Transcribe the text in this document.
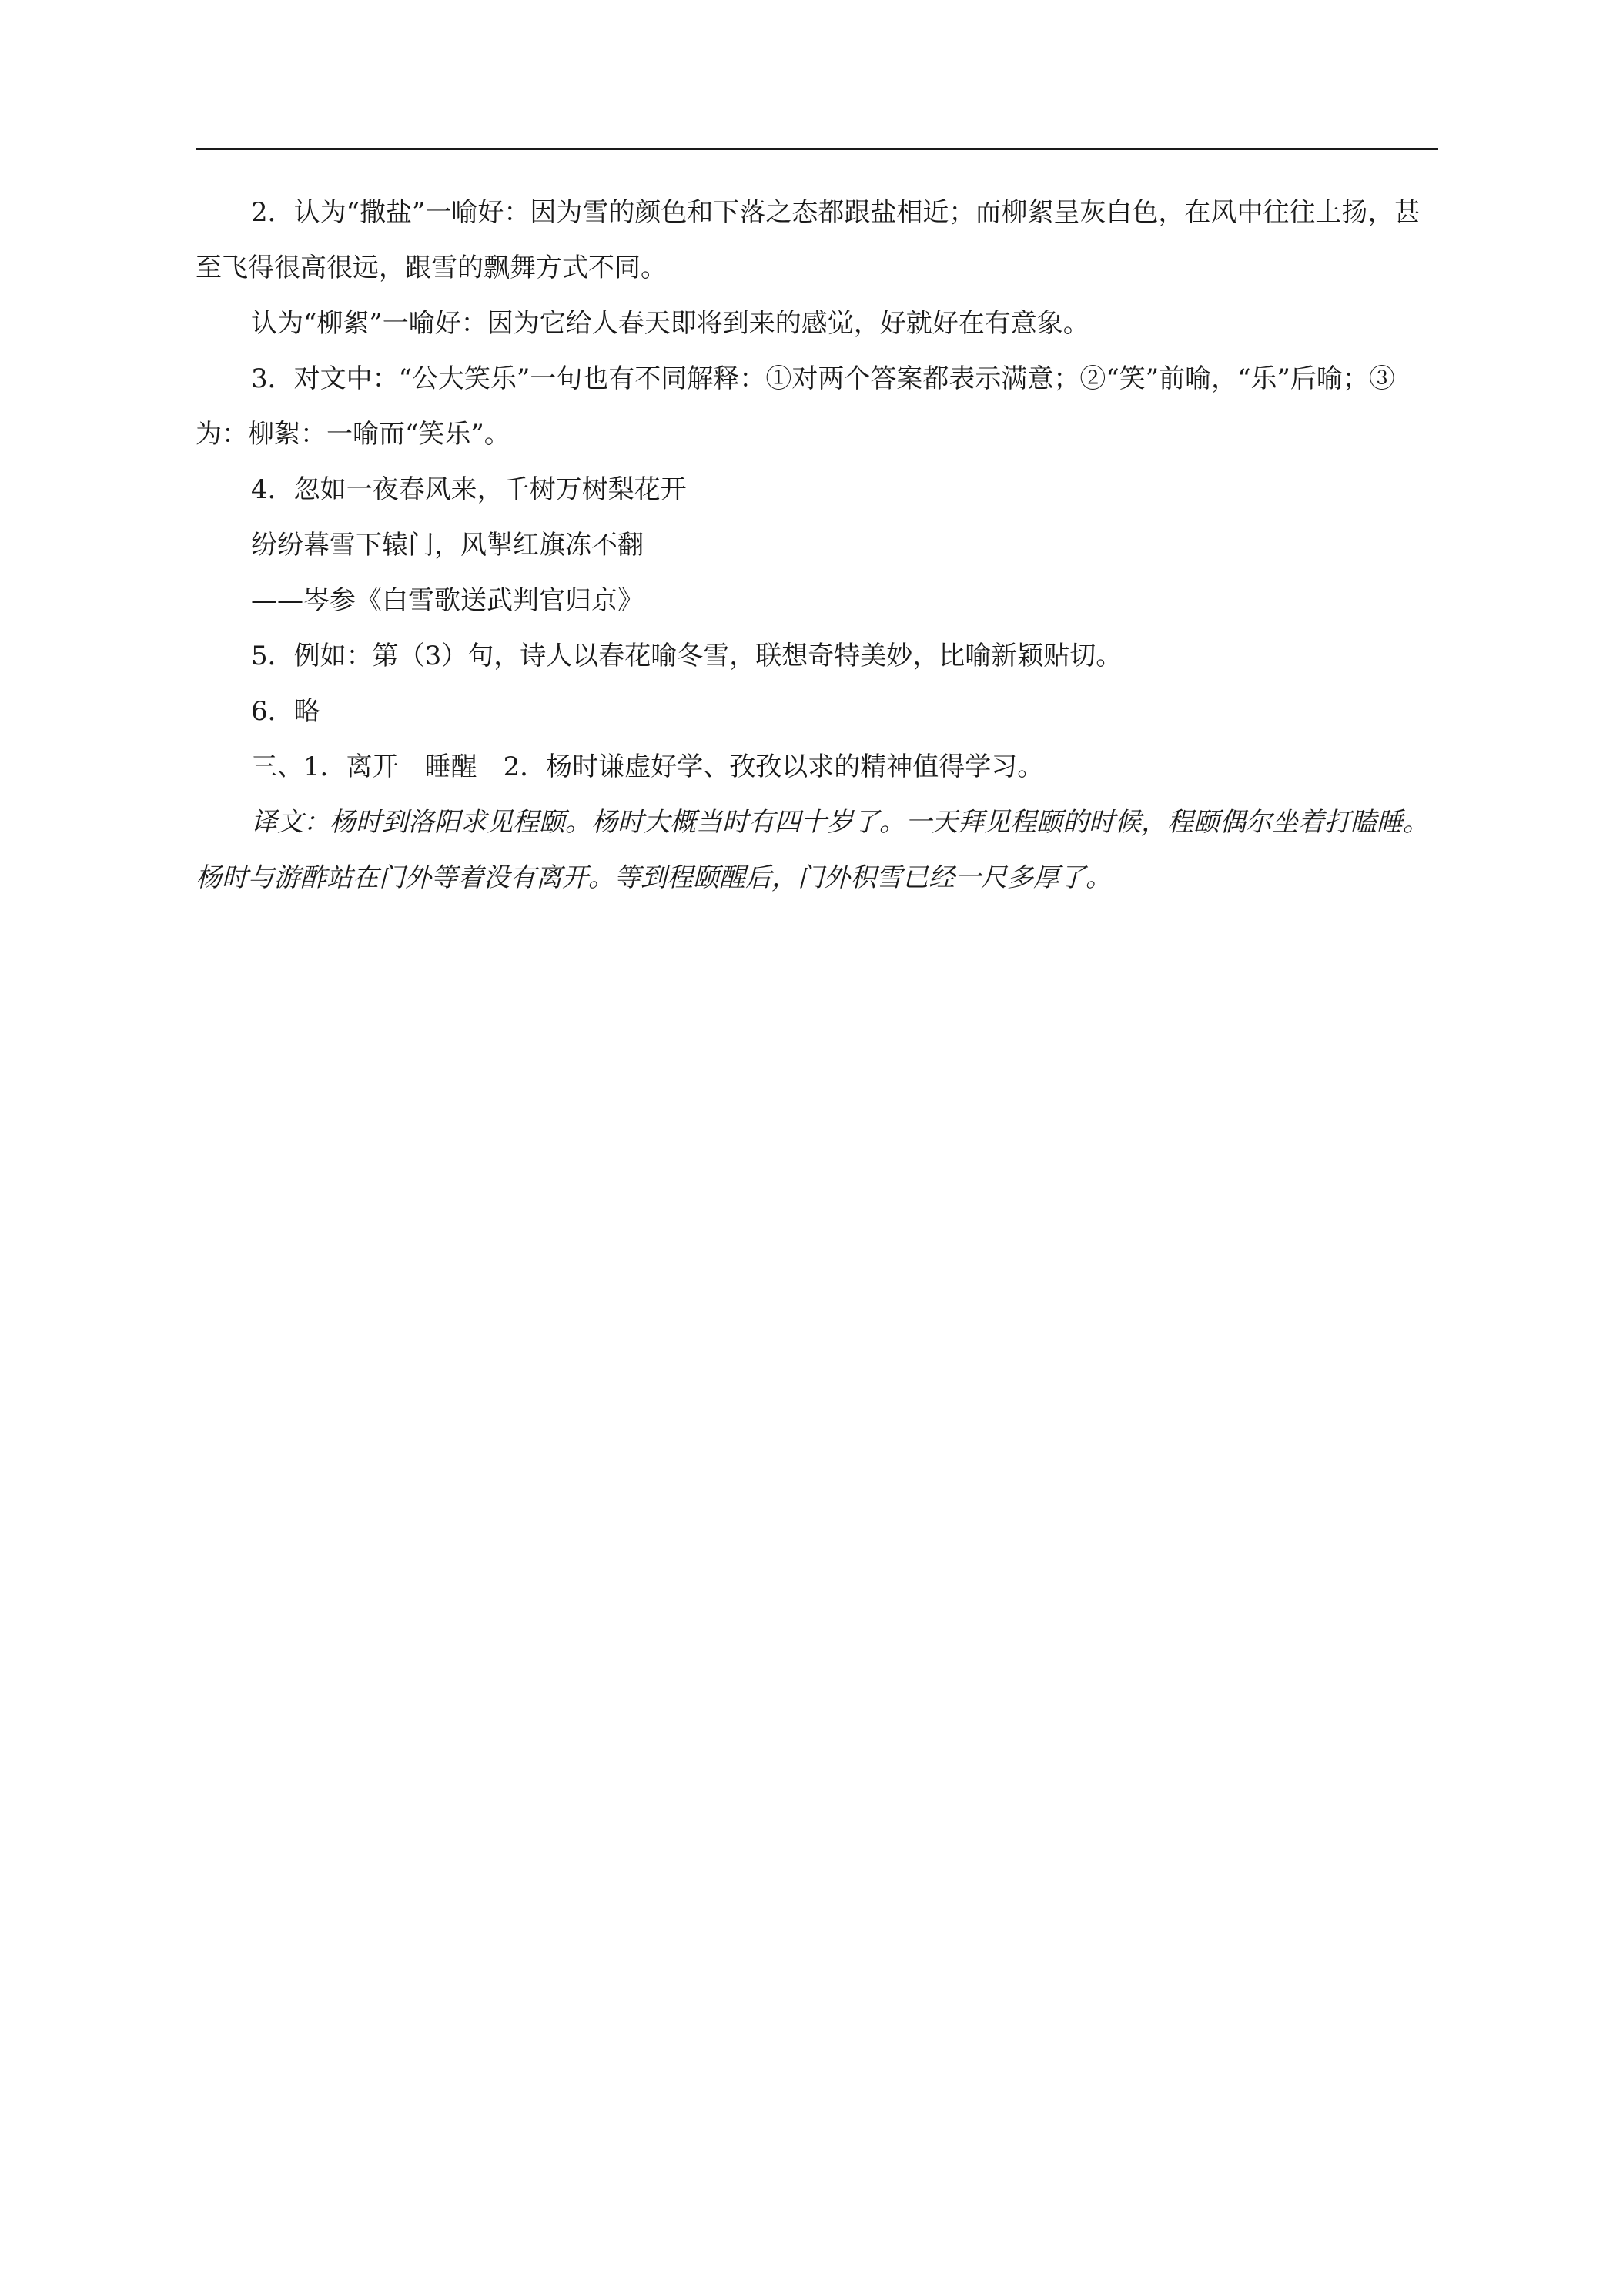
2．认为“撒盐”一喻好：因为雪的颜色和下落之态都跟盐相近；而柳絮呈灰白色，在风中往往上扬，甚至飞得很高很远，跟雪的飘舞方式不同。

认为“柳絮”一喻好：因为它给人春天即将到来的感觉，好就好在有意象。

3．对文中：“公大笑乐”一句也有不同解释：①对两个答案都表示满意；②“笑”前喻，“乐”后喻；③为：柳絮：一喻而“笑乐”。

4．忽如一夜春风来，千树万树梨花开

纷纷暮雪下辕门，风掣红旗冻不翻

——岑参《白雪歌送武判官归京》

5．例如：第（3）句，诗人以春花喻冬雪，联想奇特美妙，比喻新颖贴切。

6．略

三、1．离开　睡醒　2．杨时谦虚好学、孜孜以求的精神值得学习。

译文：杨时到洛阳求见程颐。杨时大概当时有四十岁了。一天拜见程颐的时候，程颐偶尔坐着打瞌睡。杨时与游酢站在门外等着没有离开。等到程颐醒后，门外积雪已经一尺多厚了。
